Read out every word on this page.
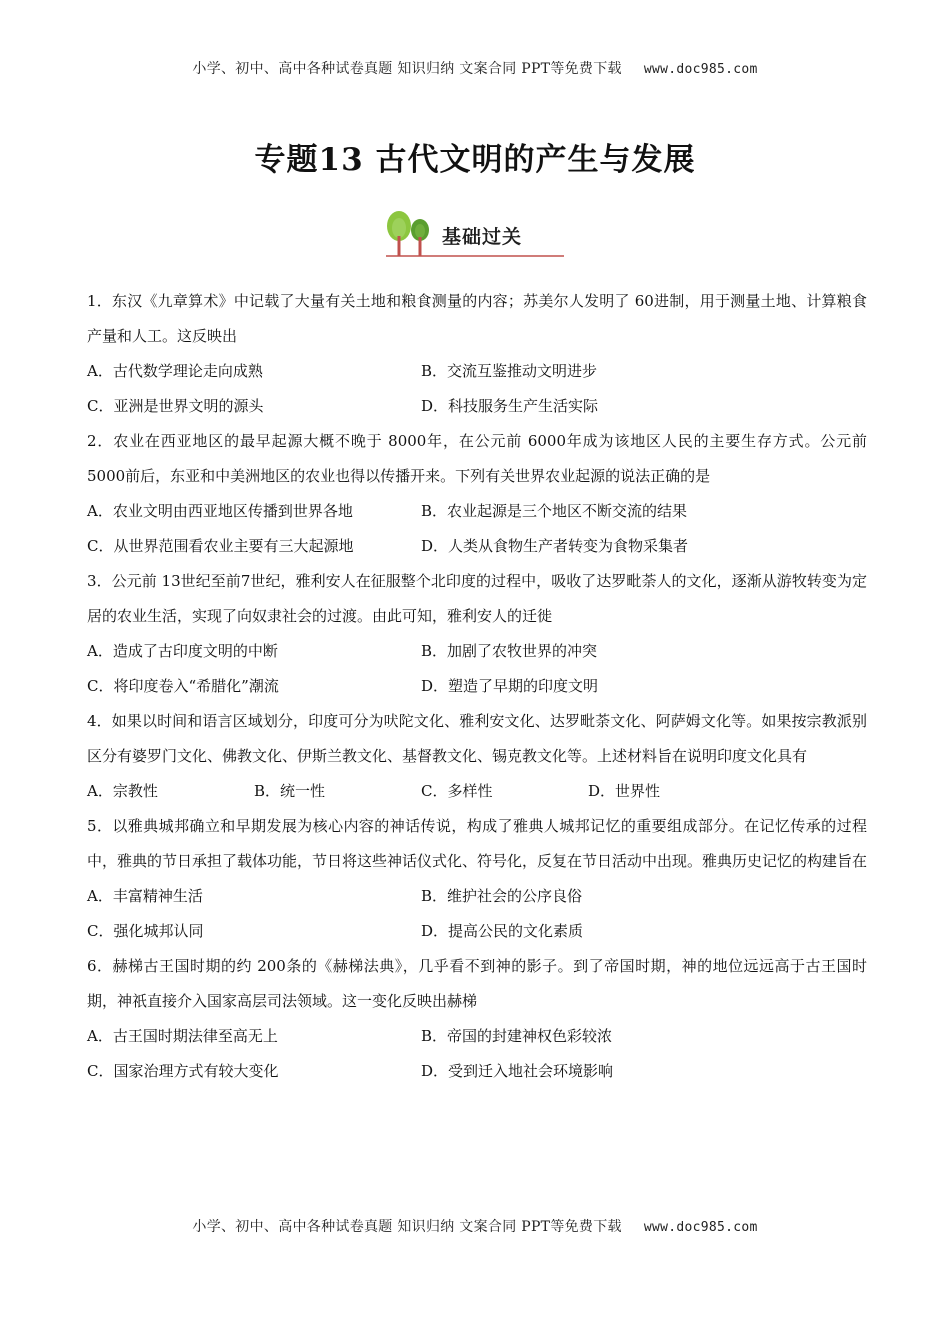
小学、初中、高中各种试卷真题 知识归纳 文案合同 PPT等免费下载 www.doc985.com
专题13 古代文明的产生与发展
基础过关

1．东汉《九章算术》中记载了大量有关土地和粮食测量的内容；苏美尔人发明了 60进制，用于测量土地、计算粮食产量和人工。这反映出

A．古代数学理论走向成熟	B．交流互鉴推动文明进步
C．亚洲是世界文明的源头	D．科技服务生产生活实际

2．农业在西亚地区的最早起源大概不晚于 8000年，在公元前 6000年成为该地区人民的主要生存方式。公元前 5000前后，东亚和中美洲地区的农业也得以传播开来。下列有关世界农业起源的说法正确的是

A．农业文明由西亚地区传播到世界各地	B．农业起源是三个地区不断交流的结果
C．从世界范围看农业主要有三大起源地	D．人类从食物生产者转变为食物采集者

3．公元前 13世纪至前7世纪，雅利安人在征服整个北印度的过程中，吸收了达罗毗荼人的文化，逐渐从游牧转变为定居的农业生活，实现了向奴隶社会的过渡。由此可知，雅利安人的迁徙

A．造成了古印度文明的中断	B．加剧了农牧世界的冲突
C．将印度卷入“希腊化”潮流	D．塑造了早期的印度文明

4．如果以时间和语言区域划分，印度可分为吠陀文化、雅利安文化、达罗毗荼文化、阿萨姆文化等。如果按宗教派别区分有婆罗门文化、佛教文化、伊斯兰教文化、基督教文化、锡克教文化等。上述材料旨在说明印度文化具有

A．宗教性	B．统一性	C．多样性	D．世界性

5．以雅典城邦确立和早期发展为核心内容的神话传说，构成了雅典人城邦记忆的重要组成部分。在记忆传承的过程中，雅典的节日承担了载体功能，节日将这些神话仪式化、符号化，反复在节日活动中出现。雅典历史记忆的构建旨在

A．丰富精神生活	B．维护社会的公序良俗
C．强化城邦认同	D．提高公民的文化素质

6．赫梯古王国时期的约 200条的《赫梯法典》，几乎看不到神的影子。到了帝国时期，神的地位远远高于古王国时期，神祇直接介入国家高层司法领域。这一变化反映出赫梯

A．古王国时期法律至高无上	B．帝国的封建神权色彩较浓
C．国家治理方式有较大变化	D．受到迁入地社会环境影响
小学、初中、高中各种试卷真题 知识归纳 文案合同 PPT等免费下载 www.doc985.com
